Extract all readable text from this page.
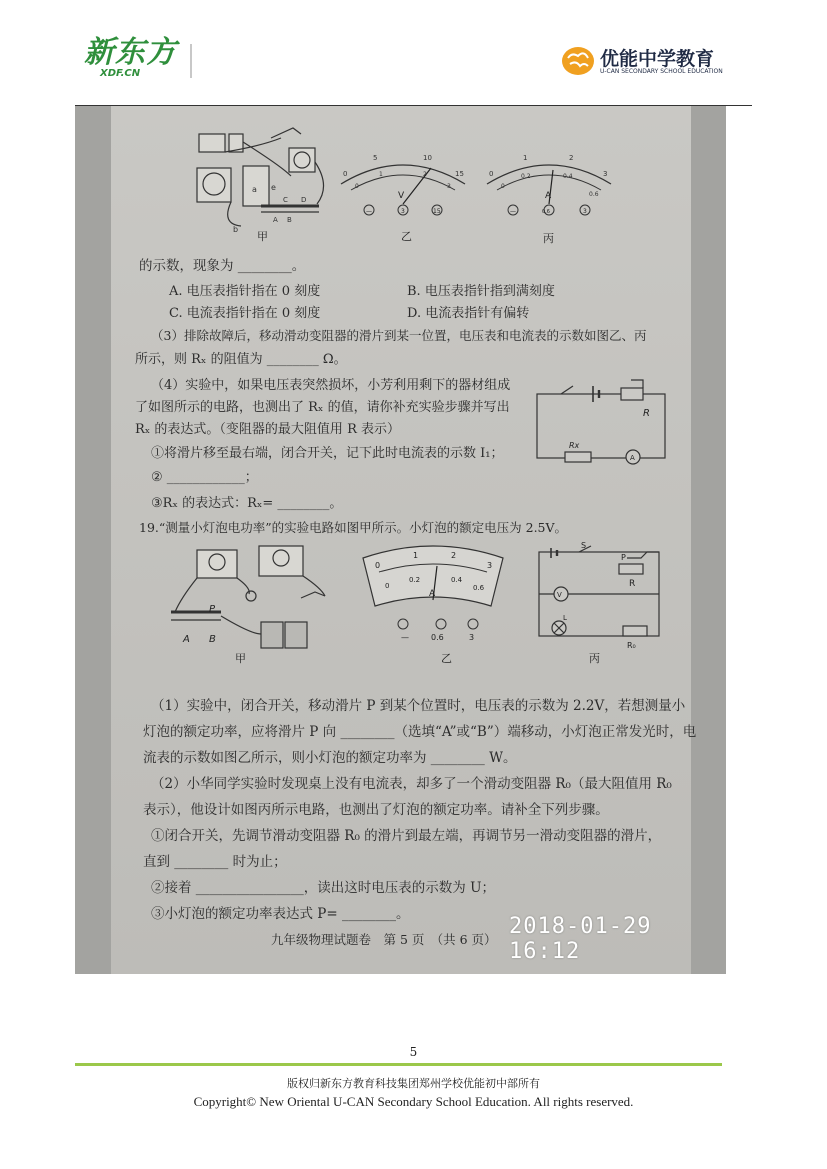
新东方
XDF.CN
优能中学教育
U-CAN SECONDARY SCHOOL EDUCATION
a
b
A B
C D
e
甲
0
5	10
15
0
1	2
3
V
—	3	15
乙
0
1	2
3
0
0.2	0.4
0.6
A
—	0.6	3
丙
的示数，现象为 ________。
A. 电压表指针指在 0 刻度	B. 电压表指针指到满刻度
C. 电流表指针指在 0 刻度	D. 电流表指针有偏转
（3）排除故障后，移动滑动变阻器的滑片到某一位置，电压表和电流表的示数如图乙、丙
所示，则 Rₓ 的阻值为 ________ Ω。
（4）实验中，如果电压表突然损坏，小芳利用剩下的器材组成
了如图所示的电路，也测出了 Rₓ 的值，请你补充实验步骤并写出
Rₓ 的表达式。（变阻器的最大阻值用 R 表示）
①将滑片移至最右端，闭合开关，记下此时电流表的示数 I₁；
② ____________；
③Rₓ 的表达式：Rₓ= ________。
R
Rx
A
19.“测量小灯泡电功率”的实验电路如图甲所示。小灯泡的额定电压为 2.5V。
P
A B
甲
0
1	2
3
0
0.2	0.4
0.6
A
—	0.6	3
乙
S
P
R
V
L
R₀
丙
（1）实验中，闭合开关，移动滑片 P 到某个位置时，电压表的示数为 2.2V，若想测量小
灯泡的额定功率，应将滑片 P 向 ________（选填“A”或“B”）端移动，小灯泡正常发光时，电
流表的示数如图乙所示，则小灯泡的额定功率为 ________ W。
（2）小华同学实验时发现桌上没有电流表，却多了一个滑动变阻器 R₀（最大阻值用 R₀
表示），他设计如图丙所示电路，也测出了灯泡的额定功率。请补全下列步骤。
①闭合开关，先调节滑动变阻器 R₀ 的滑片到最左端，再调节另一滑动变阻器的滑片，
直到 ________ 时为止；
②接着 ________________，读出这时电压表的示数为 U；
③小灯泡的额定功率表达式 P= ________。
九年级物理试题卷　第 5 页　（共 6 页）
2018-01-29 16:12
5
版权归新东方教育科技集团郑州学校优能初中部所有
Copyright© New Oriental U-CAN Secondary School Education. All rights reserved.
